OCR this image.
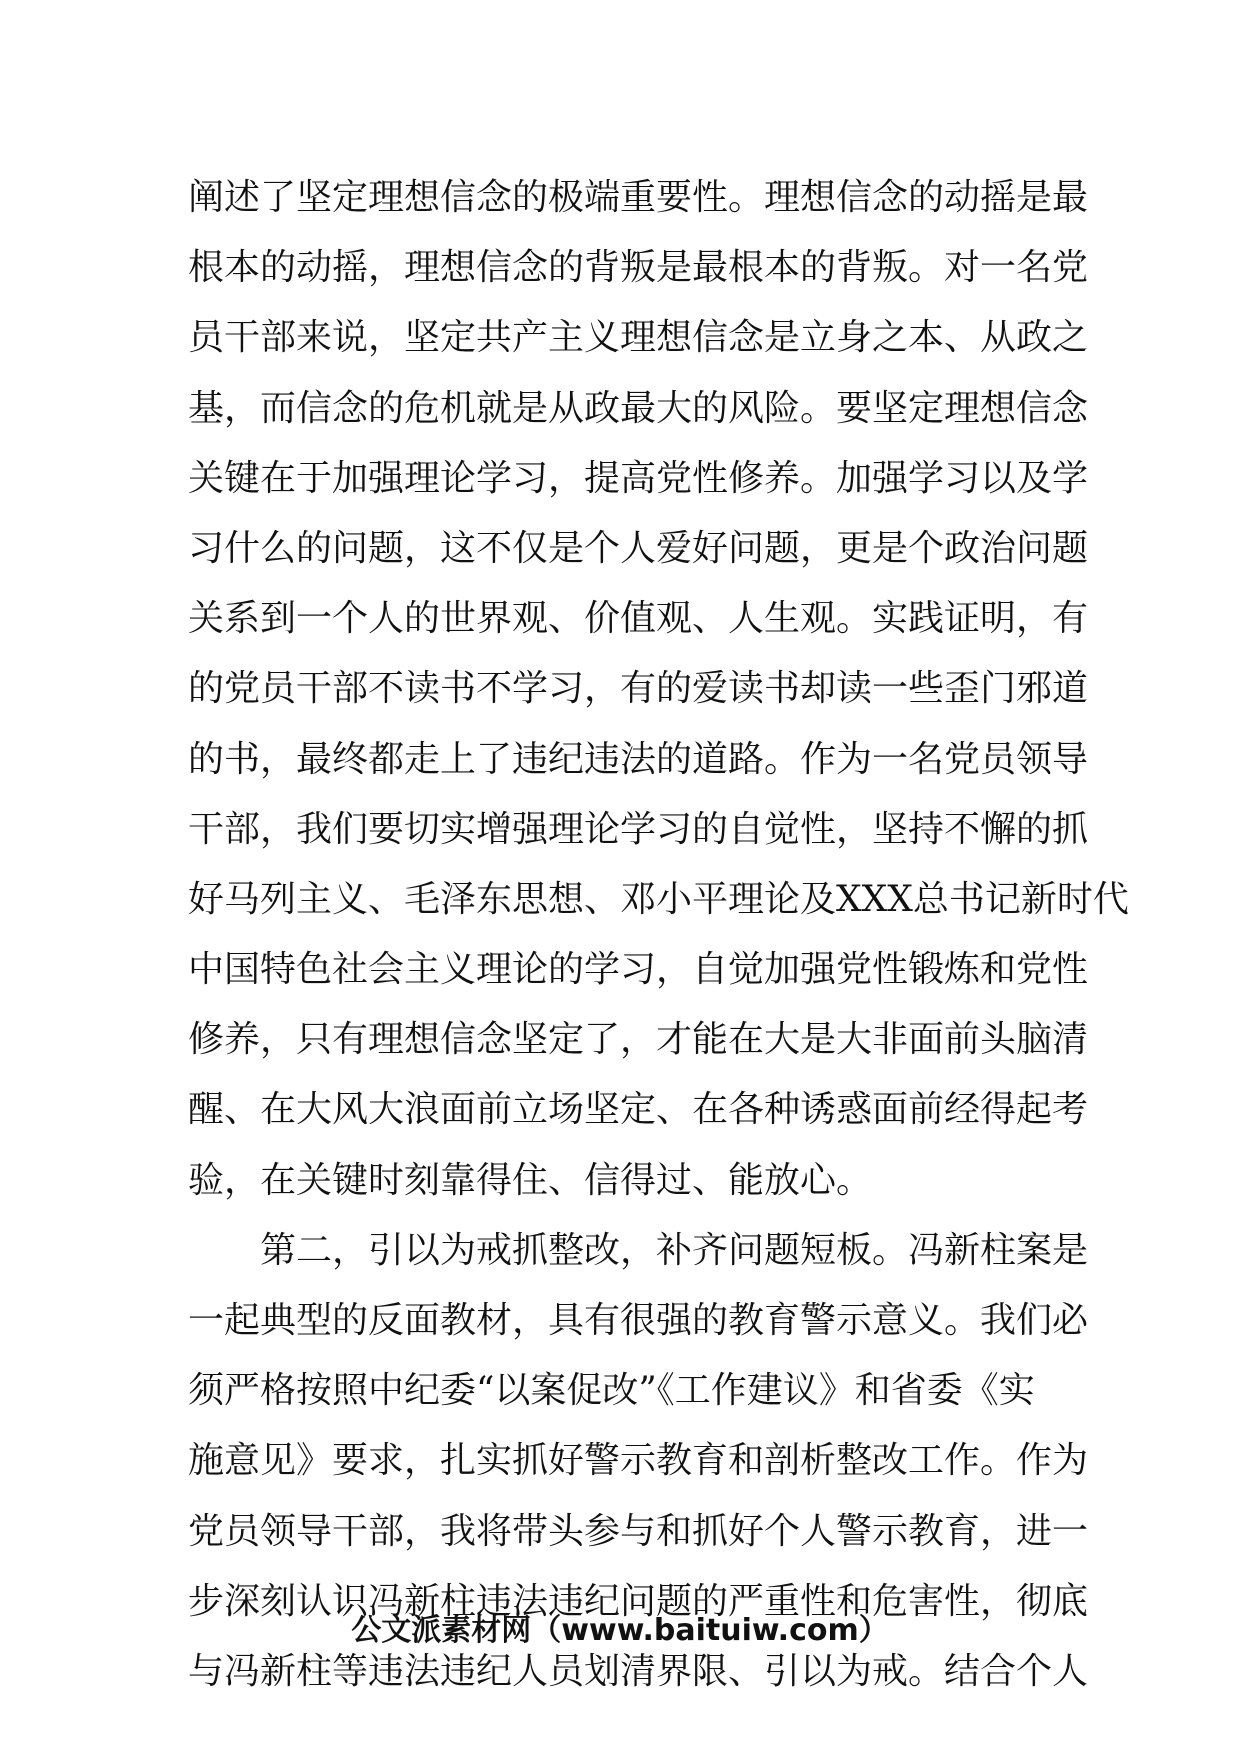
阐述了坚定理想信念的极端重要性。理想信念的动摇是最
根本的动摇，理想信念的背叛是最根本的背叛。对一名党
员干部来说，坚定共产主义理想信念是立身之本、从政之
基，而信念的危机就是从政最大的风险。要坚定理想信念
关键在于加强理论学习，提高党性修养。加强学习以及学
习什么的问题，这不仅是个人爱好问题，更是个政治问题
关系到一个人的世界观、价值观、人生观。实践证明，有
的党员干部不读书不学习，有的爱读书却读一些歪门邪道
的书，最终都走上了违纪违法的道路。作为一名党员领导
干部，我们要切实增强理论学习的自觉性，坚持不懈的抓
好马列主义、毛泽东思想、邓小平理论及XXX总书记新时代
中国特色社会主义理论的学习，自觉加强党性锻炼和党性
修养，只有理想信念坚定了，才能在大是大非面前头脑清
醒、在大风大浪面前立场坚定、在各种诱惑面前经得起考
验，在关键时刻靠得住、信得过、能放心。
　　第二，引以为戒抓整改，补齐问题短板。冯新柱案是
一起典型的反面教材，具有很强的教育警示意义。我们必
须严格按照中纪委“以案促改”《工作建议》和省委《实
施意见》要求，扎实抓好警示教育和剖析整改工作。作为
党员领导干部，我将带头参与和抓好个人警示教育，进一
步深刻认识冯新柱违法违纪问题的严重性和危害性，彻底
与冯新柱等违法违纪人员划清界限、引以为戒。结合个人
公文派素材网（www.baituiw.com）
